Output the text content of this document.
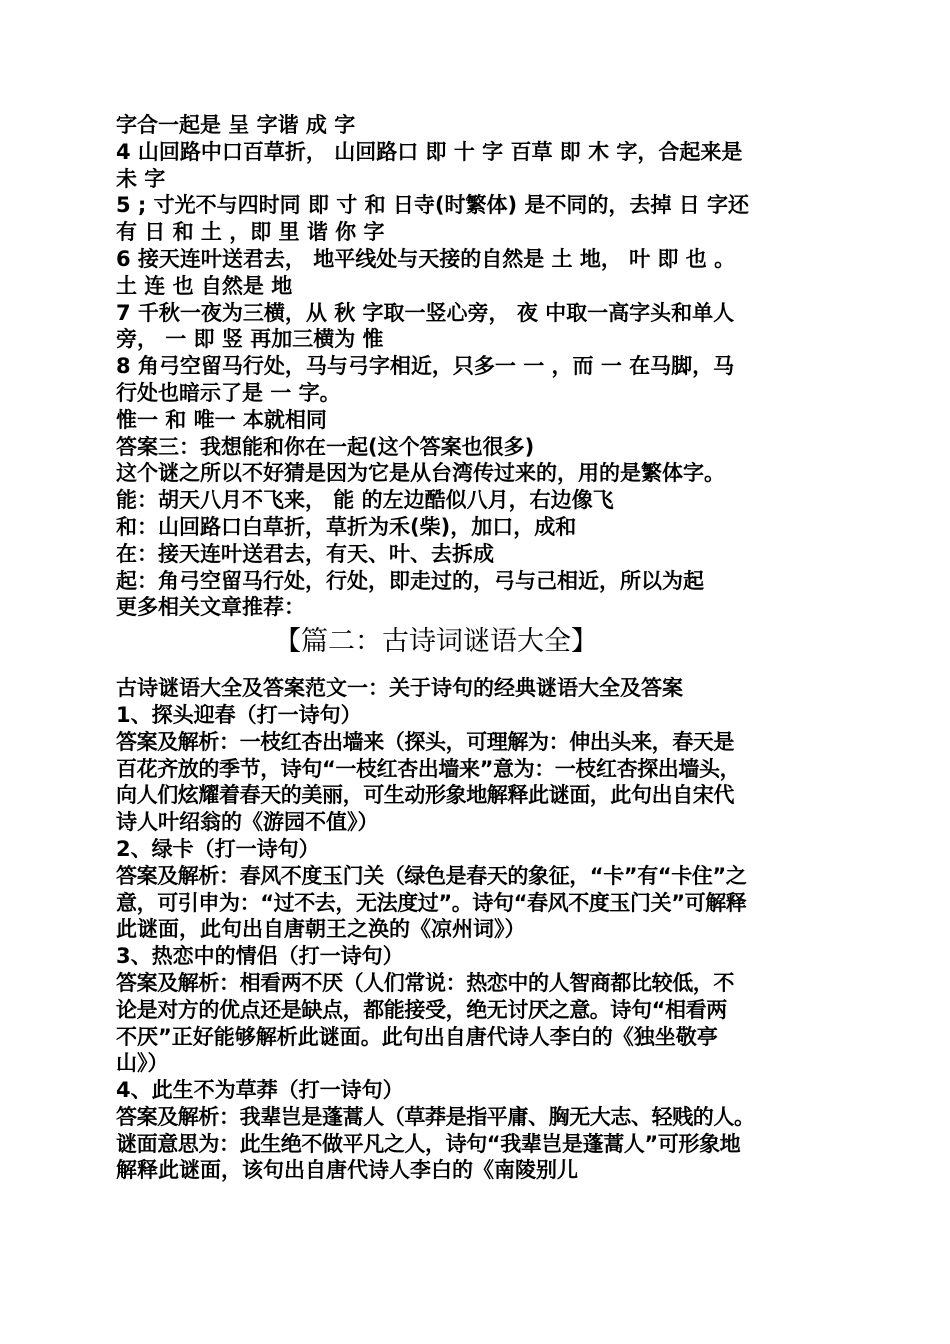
字合一起是 呈 字谐 成 字
4 山回路中口百草折， 山回路口 即 十 字 百草 即 木 字，合起来是
未 字
5 ; 寸光不与四时同 即 寸 和 日寺(时繁体) 是不同的，去掉 日 字还
有 日 和 土 ，即 里 谐 你 字
6 接天连叶送君去， 地平线处与天接的自然是 土 地， 叶 即 也 。
土 连 也 自然是 地
7 千秋一夜为三横，从 秋 字取一竖心旁， 夜 中取一高字头和单人
旁， 一 即 竖 再加三横为 惟
8 角弓空留马行处，马与弓字相近，只多一 一 ，而 一 在马脚，马
行处也暗示了是 一 字。
惟一 和 唯一 本就相同
答案三：我想能和你在一起(这个答案也很多)
这个谜之所以不好猜是因为它是从台湾传过来的，用的是繁体字。
能：胡天八月不飞来， 能 的左边酷似八月，右边像飞
和：山回路口白草折，草折为禾(柴)，加口，成和
在：接天连叶送君去，有天、叶、去拆成
起：角弓空留马行处，行处，即走过的，弓与己相近，所以为起
更多相关文章推荐：
【篇二：古诗词谜语大全】
古诗谜语大全及答案范文一：关于诗句的经典谜语大全及答案
1、探头迎春（打一诗句）
答案及解析：一枝红杏出墙来（探头，可理解为：伸出头来，春天是
百花齐放的季节，诗句“一枝红杏出墙来”意为：一枝红杏探出墙头，
向人们炫耀着春天的美丽，可生动形象地解释此谜面，此句出自宋代
诗人叶绍翁的《游园不值》）
2、绿卡（打一诗句）
答案及解析：春风不度玉门关（绿色是春天的象征，“卡”有“卡住”之
意，可引申为：“过不去，无法度过”。诗句“春风不度玉门关”可解释
此谜面，此句出自唐朝王之涣的《凉州词》）
3、热恋中的情侣（打一诗句）
答案及解析：相看两不厌（人们常说：热恋中的人智商都比较低，不
论是对方的优点还是缺点，都能接受，绝无讨厌之意。诗句“相看两
不厌”正好能够解析此谜面。此句出自唐代诗人李白的《独坐敬亭
山》）
4、此生不为草莽（打一诗句）
答案及解析：我辈岂是蓬蒿人（草莽是指平庸、胸无大志、轻贱的人。
谜面意思为：此生绝不做平凡之人，诗句“我辈岂是蓬蒿人”可形象地
解释此谜面，该句出自唐代诗人李白的《南陵别儿
